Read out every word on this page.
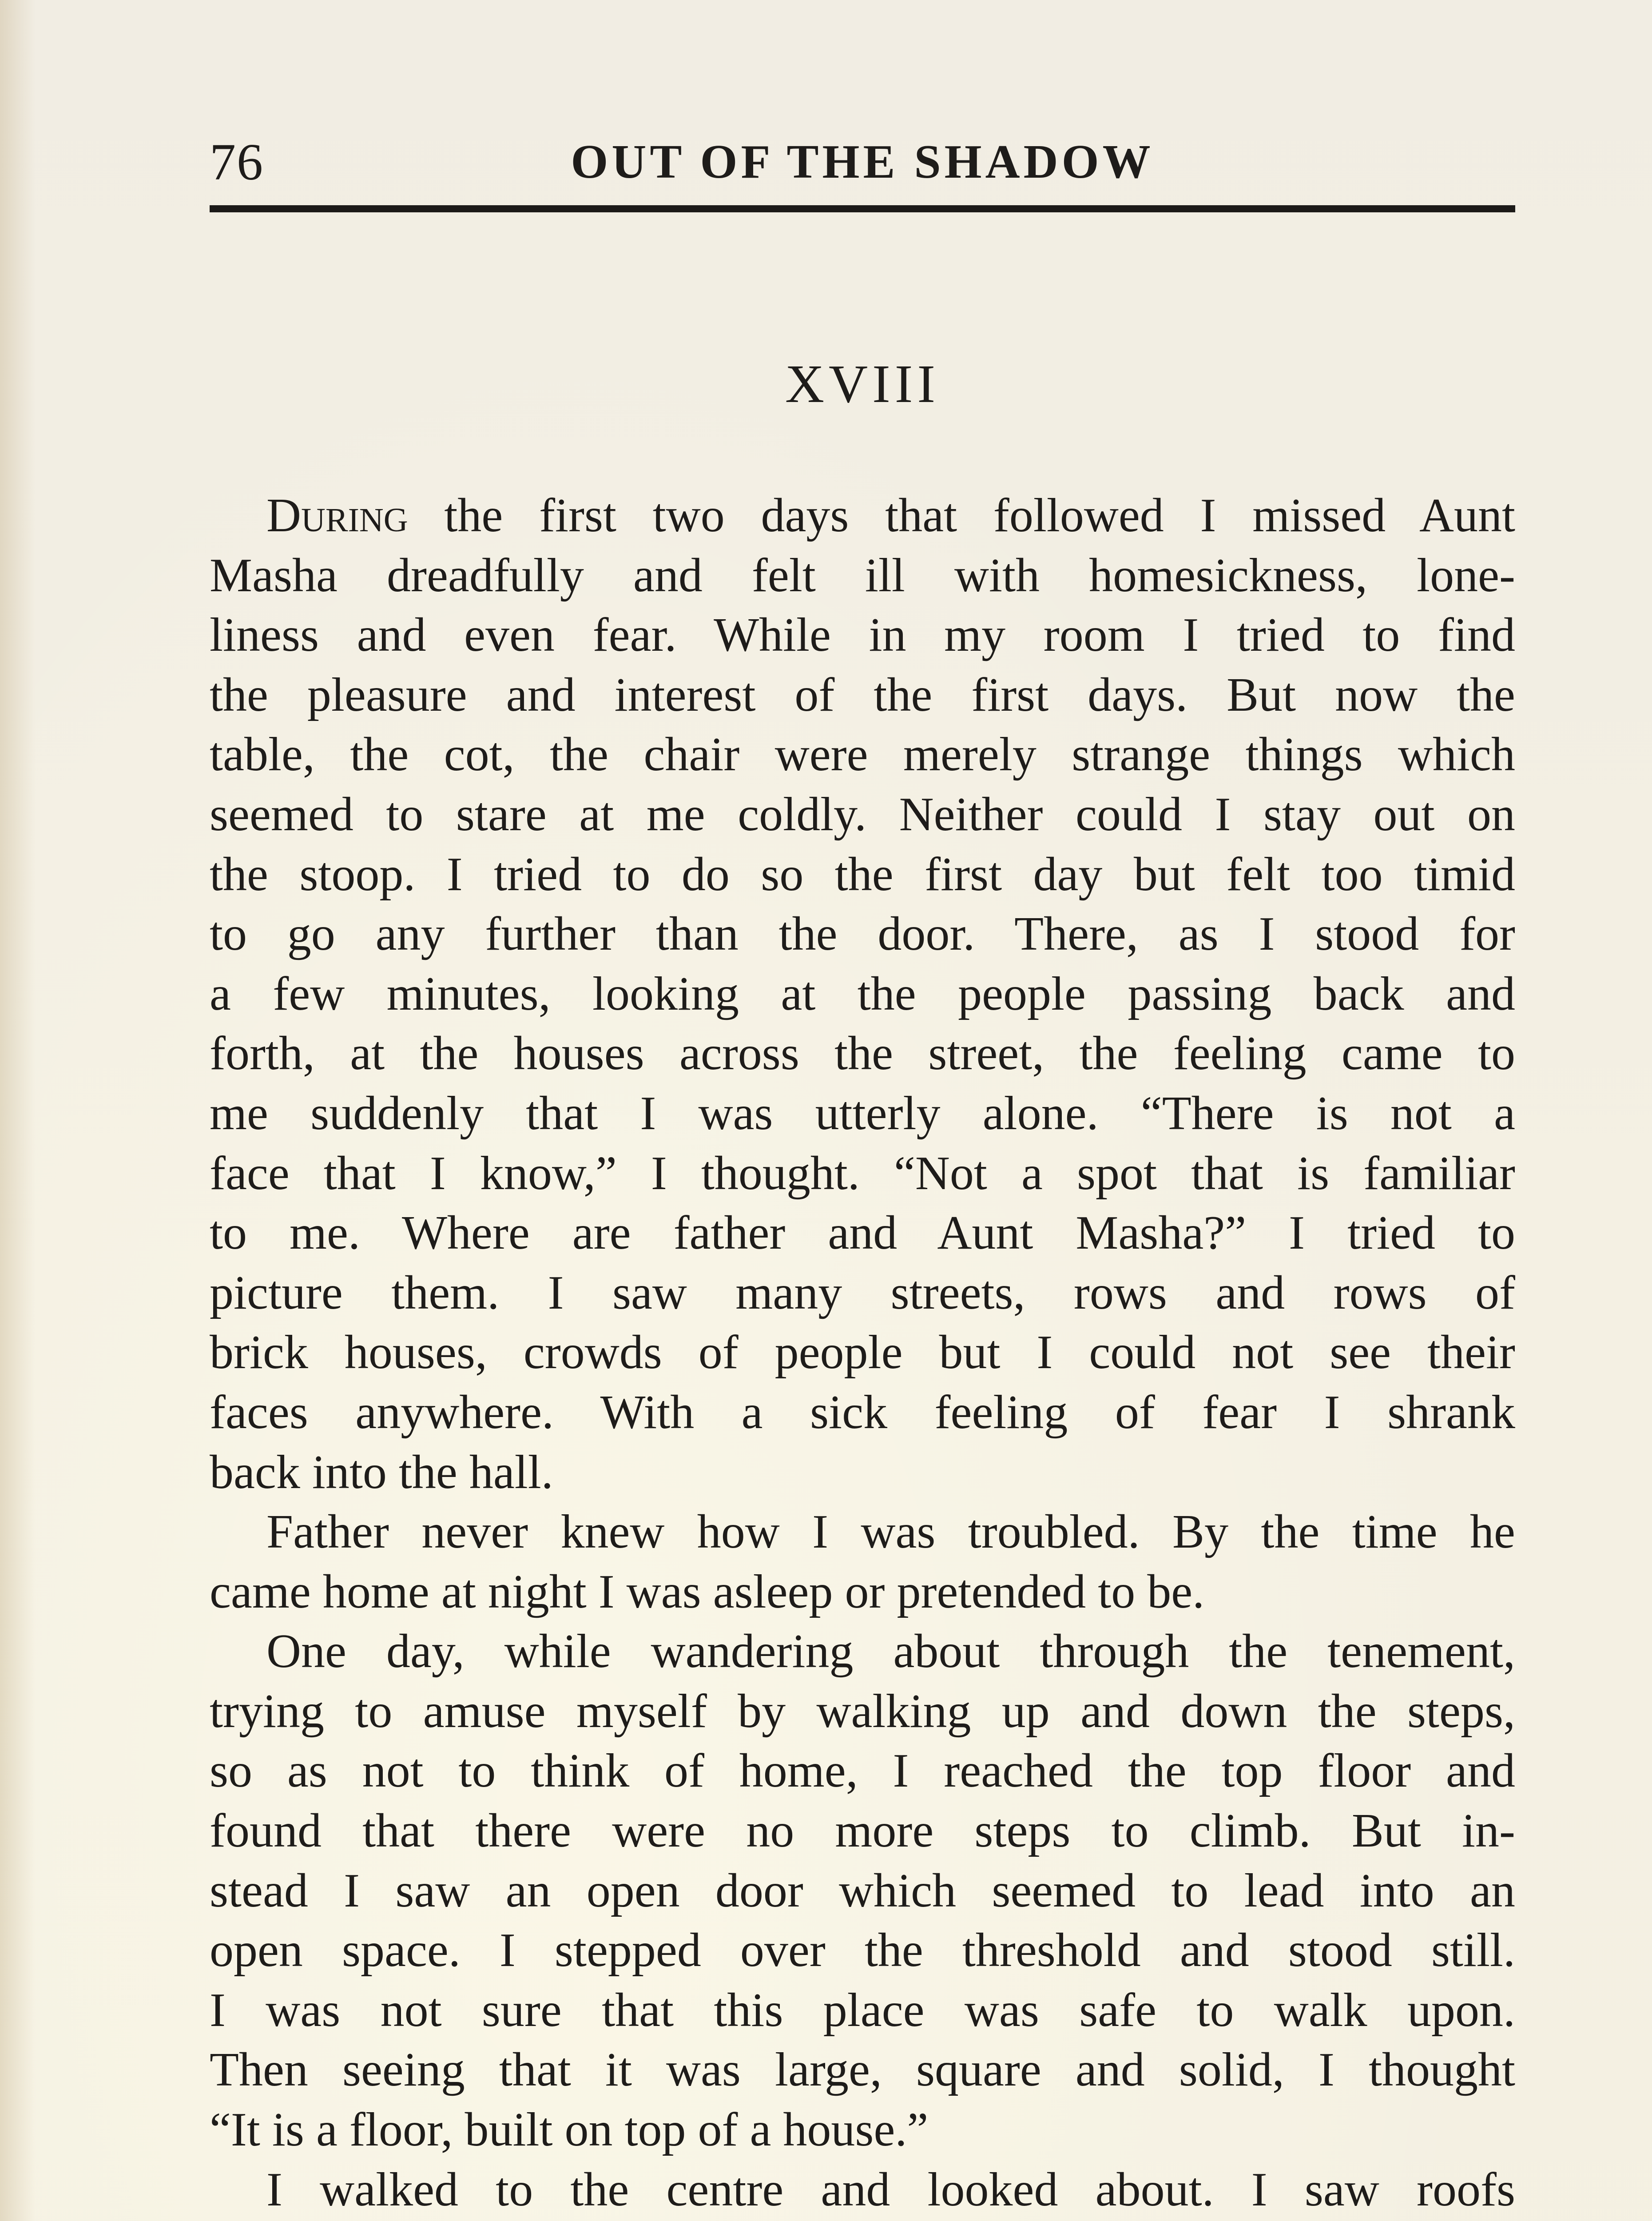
OUT OF THE SHADOW
76
XVIII
During the first two days that followed I missed Aunt
Masha dreadfully and felt ill with homesickness, lone-
liness and even fear. While in my room I tried to find
the pleasure and interest of the first days. But now the
table, the cot, the chair were merely strange things which
seemed to stare at me coldly. Neither could I stay out on
the stoop. I tried to do so the first day but felt too timid
to go any further than the door. There, as I stood for
a few minutes, looking at the people passing back and
forth, at the houses across the street, the feeling came to
me suddenly that I was utterly alone. “There is not a
face that I know,” I thought. “Not a spot that is familiar
to me. Where are father and Aunt Masha?” I tried to
picture them. I saw many streets, rows and rows of
brick houses, crowds of people but I could not see their
faces anywhere. With a sick feeling of fear I shrank
back into the hall.
Father never knew how I was troubled. By the time he
came home at night I was asleep or pretended to be.
One day, while wandering about through the tenement,
trying to amuse myself by walking up and down the steps,
so as not to think of home, I reached the top floor and
found that there were no more steps to climb. But in-
stead I saw an open door which seemed to lead into an
open space. I stepped over the threshold and stood still.
I was not sure that this place was safe to walk upon.
Then seeing that it was large, square and solid, I thought
“It is a floor, built on top of a house.”
I walked to the centre and looked about. I saw roofs
